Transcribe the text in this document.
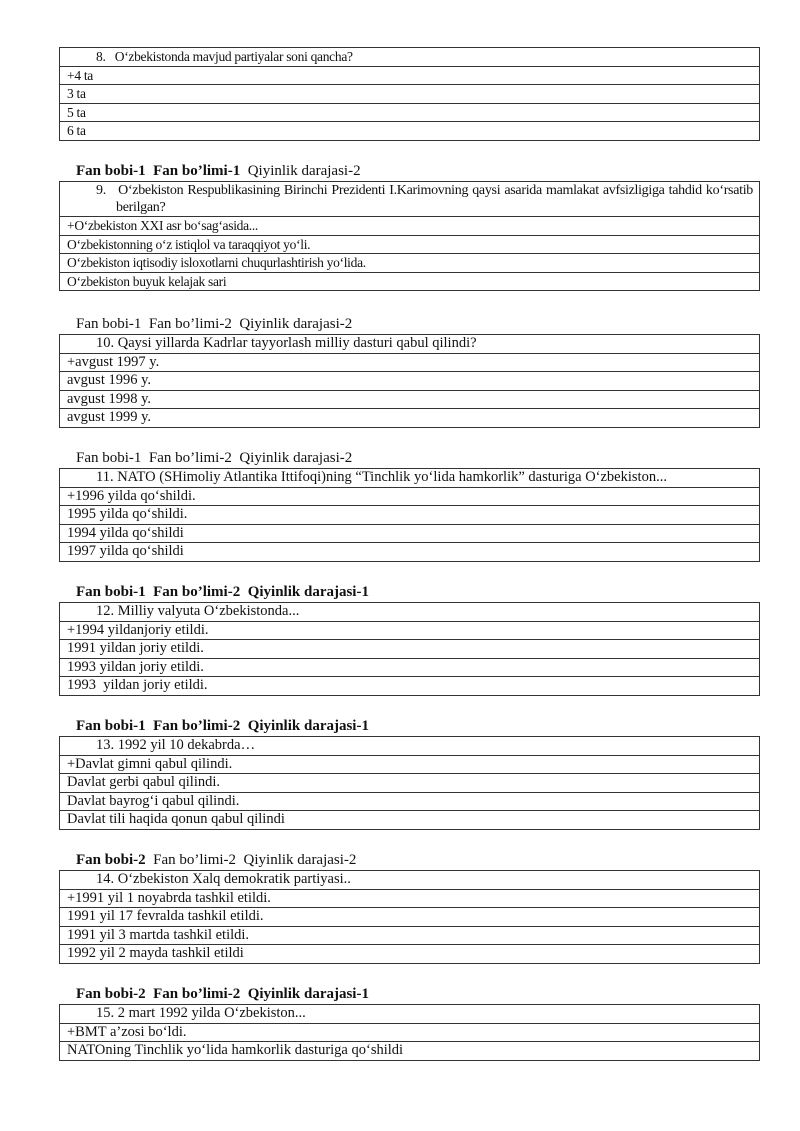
8.   O‘zbekistonda mavjud partiyalar soni qancha?
+4 ta
3 ta
5 ta
6 ta
Fan bobi-1 Fan bo’limi-1 Qiyinlik darajasi-2
9.   O‘zbekiston Respublikasining Birinchi Prezidenti I.Karimovning qaysi asarida mamlakat avfsizligiga tahdid ko‘rsatib berilgan?
+O‘zbekiston XXI asr bo‘sag‘asida...
O‘zbekistonning o‘z istiqlol va taraqqiyot yo‘li.
O‘zbekiston iqtisodiy isloxotlarni chuqurlashtirish yo‘lida.
O‘zbekiston buyuk kelajak sari
Fan bobi-1 Fan bo’limi-2 Qiyinlik darajasi-2
10. Qaysi yillarda Kadrlar tayyorlash milliy dasturi qabul qilindi?
+avgust 1997 y.
avgust 1996 y.
avgust 1998 y.
avgust 1999 y.
Fan bobi-1 Fan bo’limi-2 Qiyinlik darajasi-2
11. NATO (SHimoliy Atlantika Ittifoqi)ning “Tinchlik yo‘lida hamkorlik” dasturiga O‘zbekiston...
+1996 yilda qo‘shildi.
1995 yilda qo‘shildi.
1994 yilda qo‘shildi
1997 yilda qo‘shildi
Fan bobi-1 Fan bo’limi-2 Qiyinlik darajasi-1
12. Milliy valyuta O‘zbekistonda...
+1994 yildanjoriy etildi.
1991 yildan joriy etildi.
1993 yildan joriy etildi.
1993  yildan joriy etildi.
Fan bobi-1 Fan bo’limi-2 Qiyinlik darajasi-1
13. 1992 yil 10 dekabrda…
+Davlat gimni qabul qilindi.
Davlat gerbi qabul qilindi.
Davlat bayrog‘i qabul qilindi.
Davlat tili haqida qonun qabul qilindi
Fan bobi-2 Fan bo’limi-2 Qiyinlik darajasi-2
14. O‘zbekiston Xalq demokratik partiyasi..
+1991 yil 1 noyabrda tashkil etildi.
1991 yil 17 fevralda tashkil etildi.
1991 yil 3 martda tashkil etildi.
1992 yil 2 mayda tashkil etildi
Fan bobi-2 Fan bo’limi-2 Qiyinlik darajasi-1
15. 2 mart 1992 yilda O‘zbekiston...
+BMT a’zosi bo‘ldi.
NATOning Tinchlik yo‘lida hamkorlik dasturiga qo‘shildi
